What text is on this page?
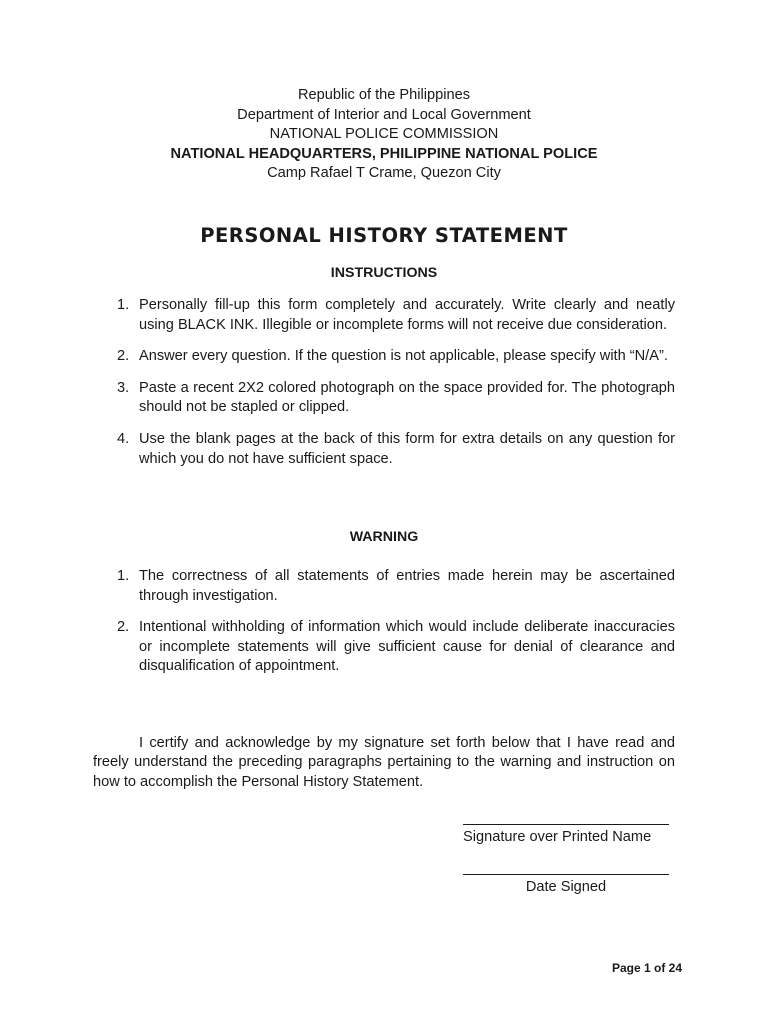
Republic of the Philippines
Department of Interior and Local Government
NATIONAL POLICE COMMISSION
NATIONAL HEADQUARTERS, PHILIPPINE NATIONAL POLICE
Camp Rafael T Crame, Quezon City
PERSONAL HISTORY STATEMENT
INSTRUCTIONS
1. Personally fill-up this form completely and accurately. Write clearly and neatly using BLACK INK. Illegible or incomplete forms will not receive due consideration.
2. Answer every question. If the question is not applicable, please specify with “N/A”.
3. Paste a recent 2X2 colored photograph on the space provided for. The photograph should not be stapled or clipped.
4. Use the blank pages at the back of this form for extra details on any question for which you do not have sufficient space.
WARNING
1. The correctness of all statements of entries made herein may be ascertained through investigation.
2. Intentional withholding of information which would include deliberate inaccuracies or incomplete statements will give sufficient cause for denial of clearance and disqualification of appointment.

I certify and acknowledge by my signature set forth below that I have read and freely understand the preceding paragraphs pertaining to the warning and instruction on how to accomplish the Personal History Statement.

Signature over Printed Name
Date Signed
Page 1 of 24
